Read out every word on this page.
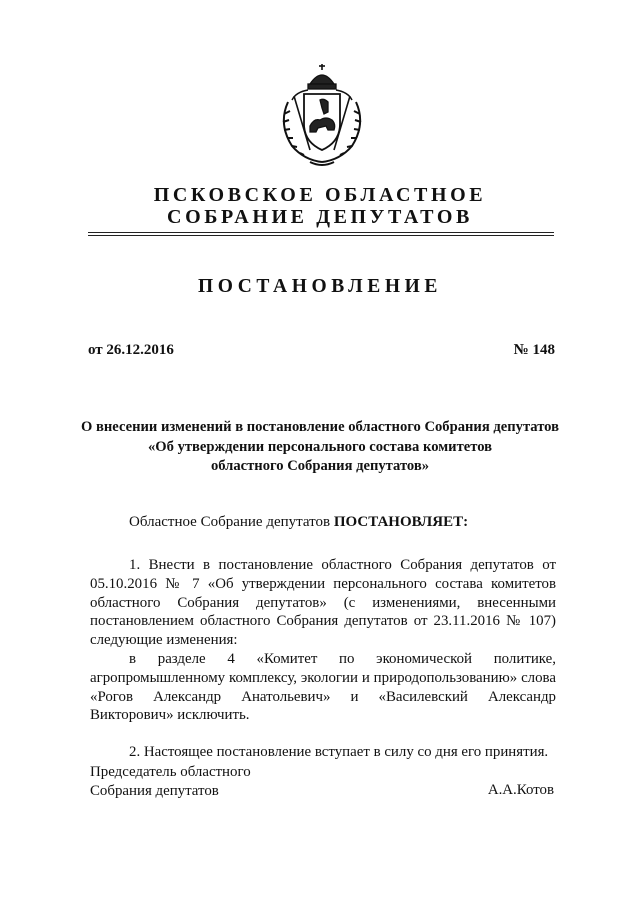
ПСКОВСКОЕ ОБЛАСТНОЕ
СОБРАНИЕ ДЕПУТАТОВ
ПОСТАНОВЛЕНИЕ
от 26.12.2016	№ 148
О внесении изменений в постановление областного Собрания депутатов
«Об утверждении персонального состава комитетов
областного Собрания депутатов»
Областное Собрание депутатов ПОСТАНОВЛЯЕТ:

1. Внести в постановление областного Собрания депутатов от 05.10.2016 № 7 «Об утверждении персонального состава комитетов областного Собрания депутатов» (с изменениями, внесенными постановлением областного Собрания депутатов от 23.11.2016 № 107) следующие изменения:

в разделе 4 «Комитет по экономической политике, агропромышленному комплексу, экологии и природопользованию» слова «Рогов Александр Анатольевич» и «Василевский Александр Викторович» исключить.

2. Настоящее постановление вступает в силу со дня его принятия.

Председатель областного
Собрания депутатов	А.А.Котов
